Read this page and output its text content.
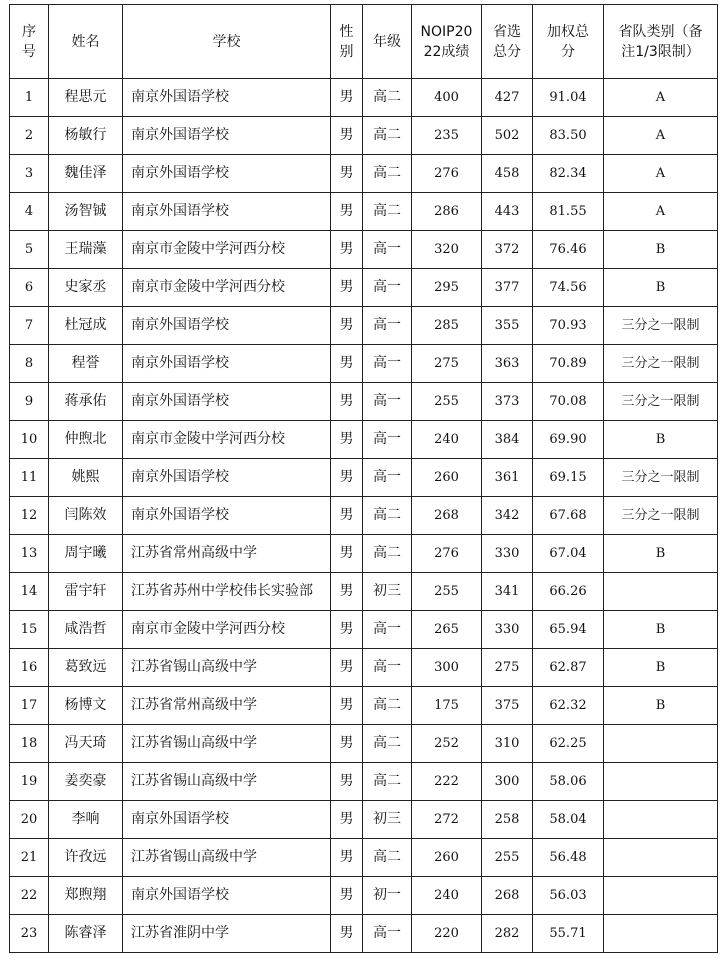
序号	姓名	学校	性别	年级	NOIP2022成绩	省选总分	加权总分	省队类别（备注1/3限制）
1	程思元	南京外国语学校	男	高二	400	427	91.04	A
2	杨敏行	南京外国语学校	男	高二	235	502	83.50	A
3	魏佳泽	南京外国语学校	男	高二	276	458	82.34	A
4	汤智铖	南京外国语学校	男	高二	286	443	81.55	A
5	王瑞藻	南京市金陵中学河西分校	男	高一	320	372	76.46	B
6	史家丞	南京市金陵中学河西分校	男	高一	295	377	74.56	B
7	杜冠成	南京外国语学校	男	高一	285	355	70.93	三分之一限制
8	程誉	南京外国语学校	男	高一	275	363	70.89	三分之一限制
9	蒋承佑	南京外国语学校	男	高一	255	373	70.08	三分之一限制
10	仲煦北	南京市金陵中学河西分校	男	高一	240	384	69.90	B
11	姚熙	南京外国语学校	男	高一	260	361	69.15	三分之一限制
12	闫陈效	南京外国语学校	男	高二	268	342	67.68	三分之一限制
13	周宇曦	江苏省常州高级中学	男	高二	276	330	67.04	B
14	雷宇轩	江苏省苏州中学校伟长实验部	男	初三	255	341	66.26	
15	咸浩哲	南京市金陵中学河西分校	男	高一	265	330	65.94	B
16	葛致远	江苏省锡山高级中学	男	高一	300	275	62.87	B
17	杨博文	江苏省常州高级中学	男	高二	175	375	62.32	B
18	冯天琦	江苏省锡山高级中学	男	高二	252	310	62.25	
19	姜奕豪	江苏省锡山高级中学	男	高二	222	300	58.06	
20	李响	南京外国语学校	男	初三	272	258	58.04	
21	许孜远	江苏省锡山高级中学	男	高二	260	255	56.48	
22	郑煦翔	南京外国语学校	男	初一	240	268	56.03	
23	陈睿泽	江苏省淮阴中学	男	高一	220	282	55.71	
